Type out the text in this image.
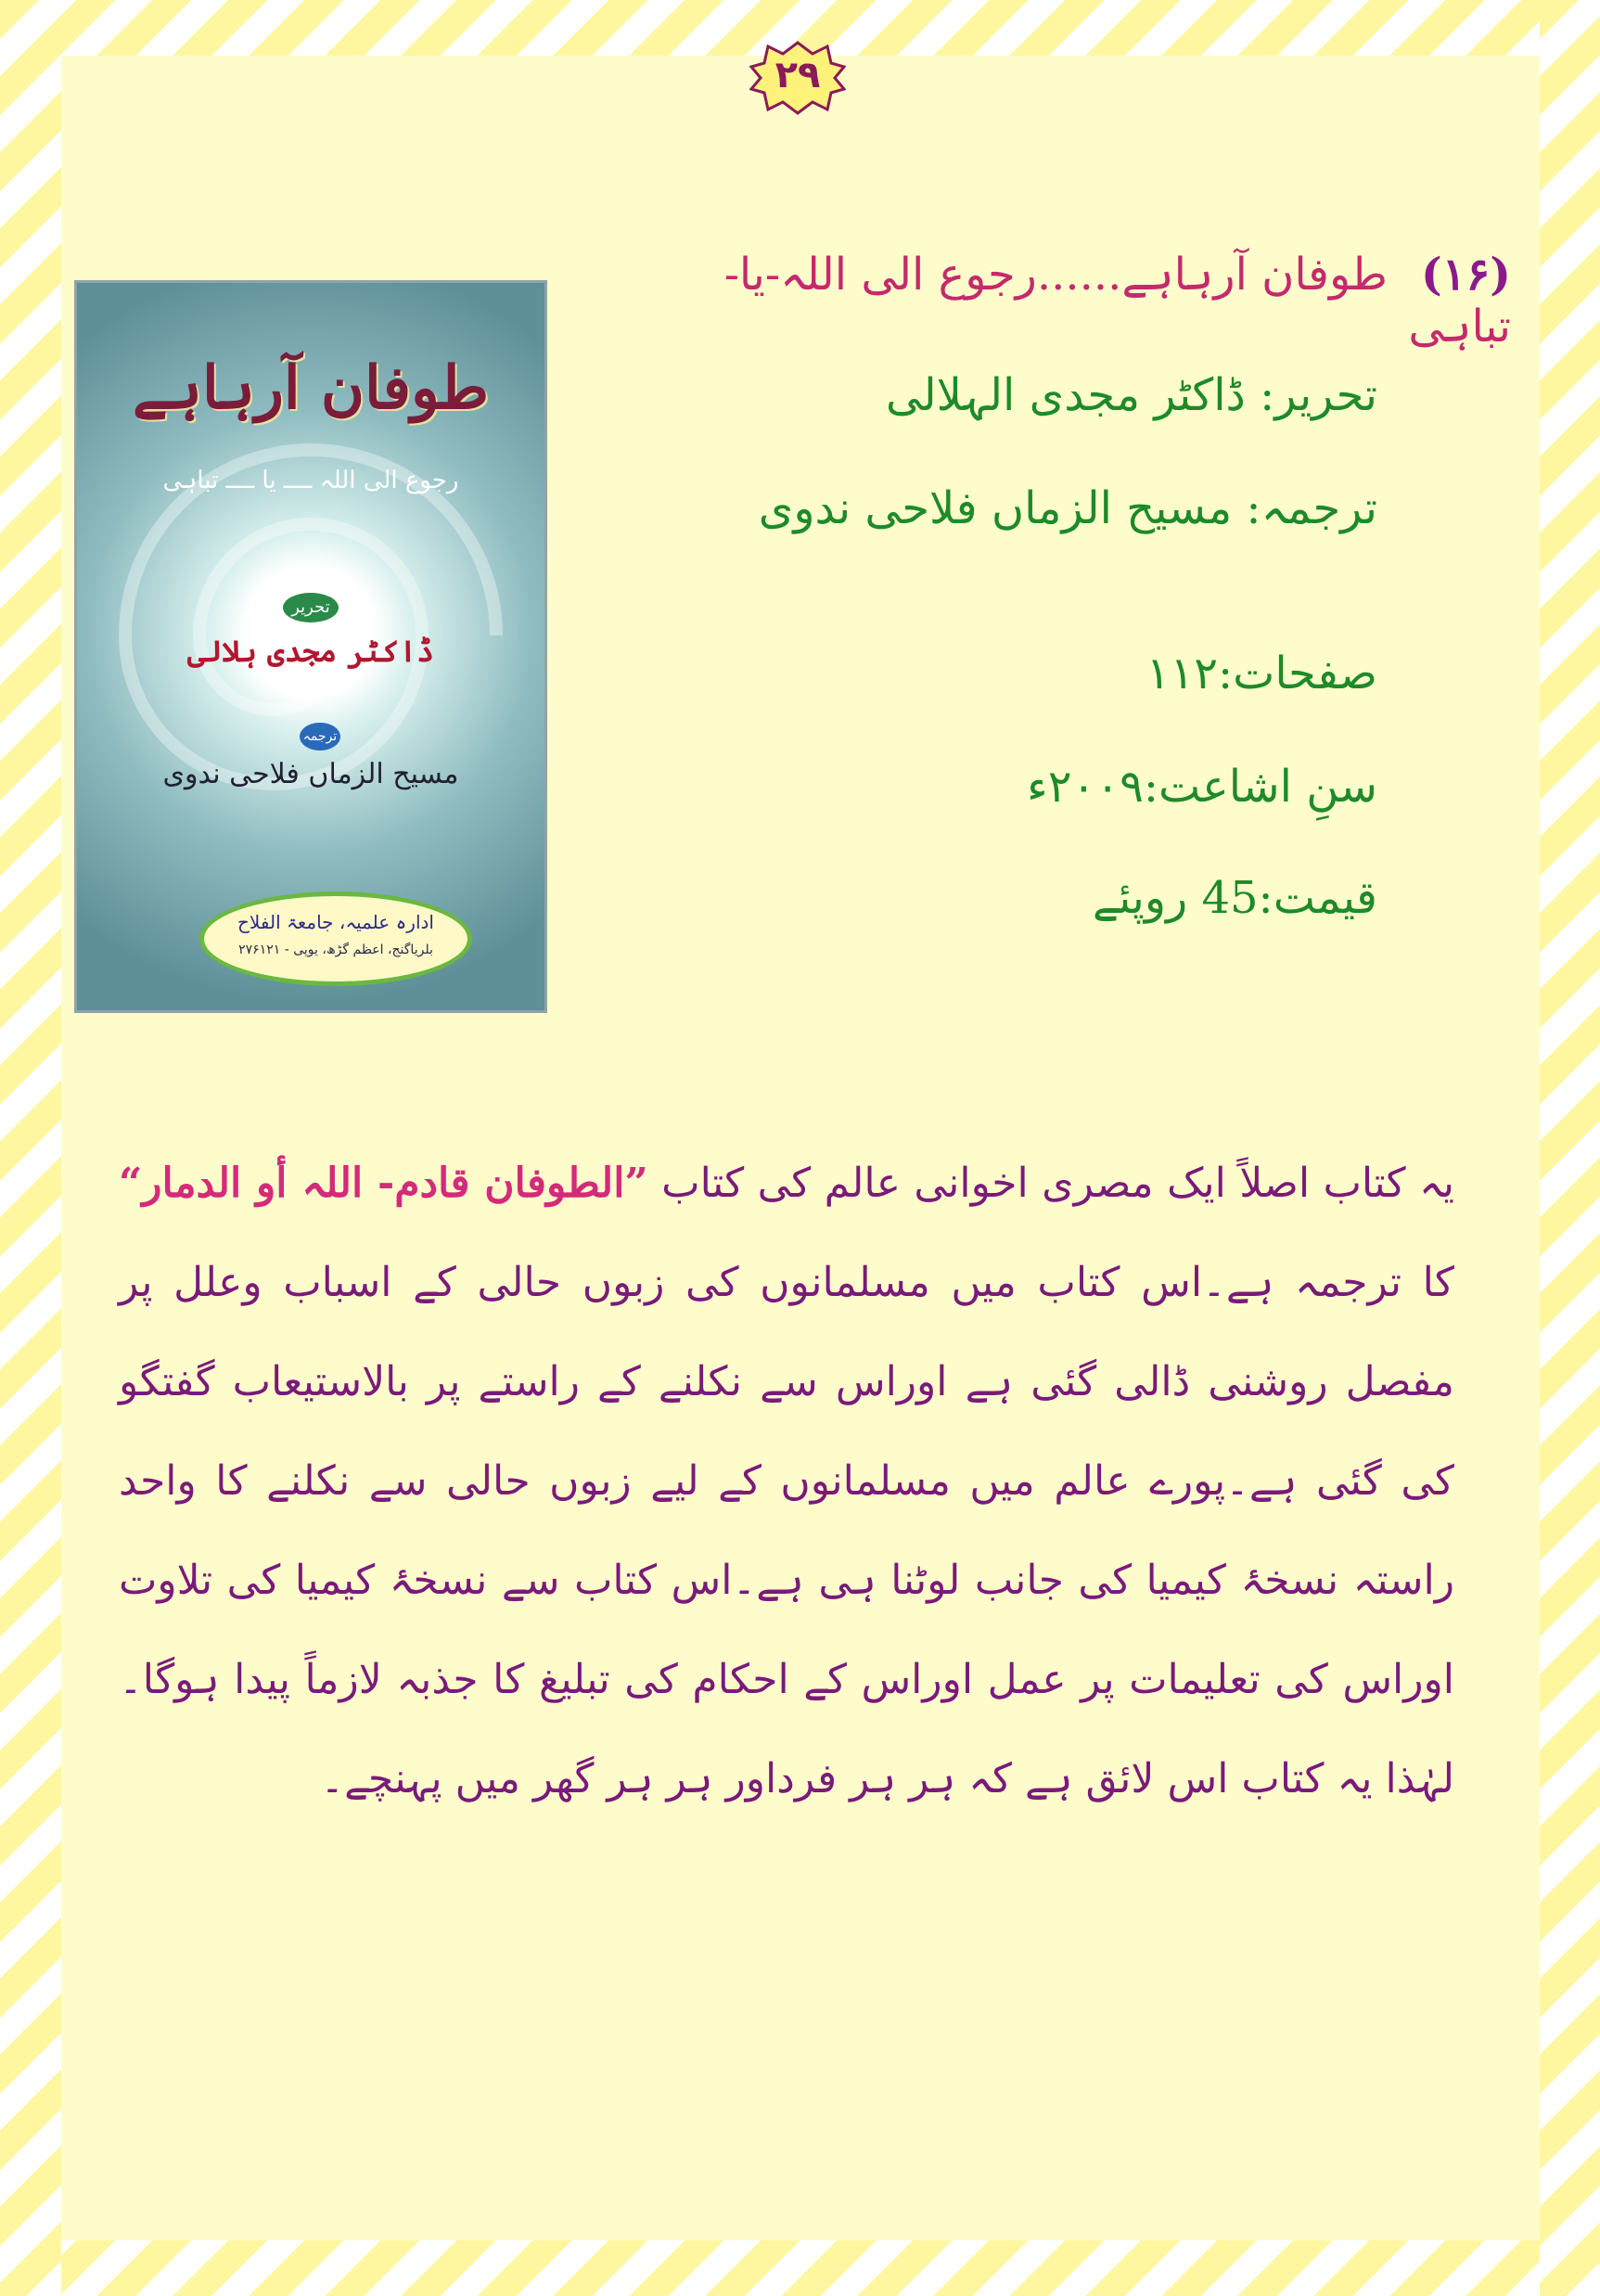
۲۹
طوفان آرہاہے
رجوع الی اللہ ــــ یا ــــ تباہی
تحریر
ڈاکٹر مجدی ہلالی
ترجمہ
مسیح الزماں فلاحی ندوی
ادارہ علمیہ، جامعۃ الفلاح
بلریاگنج، اعظم گڑھ، یوپی - ۲۷۶۱۲۱
(۱۶)طوفان آرہاہے......رجوع الی اللہ-یا-تباہی
تحریر: ڈاکٹر مجدی الہلالی
ترجمہ: مسیح الزماں فلاحی ندوی
صفحات:۱۱۲
سنِ اشاعت:۲۰۰۹ء
قیمت:45 روپئے
یہ کتاب اصلاً ایک مصری اخوانی عالم کی کتاب ”الطوفان قادم- اللہ أو الدمار“ کا ترجمہ ہے۔اس کتاب میں مسلمانوں کی زبوں حالی کے اسباب وعلل پر مفصل روشنی ڈالی گئی ہے اوراس سے نکلنے کے راستے پر بالاستیعاب گفتگو کی گئی ہے۔پورے عالم میں مسلمانوں کے لیے زبوں حالی سے نکلنے کا واحد راستہ نسخۂ کیمیا کی جانب لوٹنا ہی ہے۔اس کتاب سے نسخۂ کیمیا کی تلاوت اوراس کی تعلیمات پر عمل اوراس کے احکام کی تبلیغ کا جذبہ لازماً پیدا ہوگا۔لہٰذا یہ کتاب اس لائق ہے کہ ہر ہر فرداور ہر ہر گھر میں پہنچے۔
